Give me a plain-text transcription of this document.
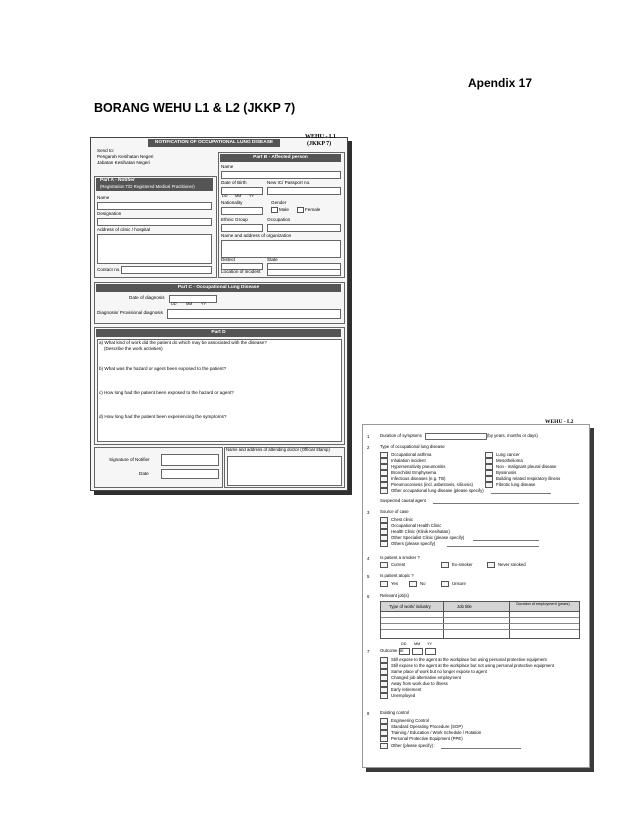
Apendix 17
BORANG WEHU L1 & L2 (JKKP 7)
NOTIFICATION OF OCCUPATIONAL LUNG DISEASE
WEHU - L1
(JKKP 7)
Send to:
Pengarah Kesihatan Negeri
Jabatan Kesihatan Negeri
Part A - Notifier
(Registration T/D Registered Medical Practitioner)
Name
Designation
Address of clinic / hospital
Contact no.
Part B - Affected person
Name
Date of Birth
DD MM YY
New IC/ Passport no.
Nationality	Gender
Male	Female
Ethnic Group	Occupation
Name and address of organization
District	State
Location of incident
Part C - Occupational Lung Disease
Date of diagnosis
DD	MM YY
Diagnosis/ Provisional diagnosis
Part D
a) What kind of work did the patient do which may be associated with the disease?
(Describe the work activities)
b) What was the hazard or agent been exposed to the patient?
c) How long had the patient been exposed to the hazard or agent?
d) How long had the patient been experiencing the symptoms?
Signature of Notifier
Date
Name and address of attending doctor (Official Stamp)
WEHU - L2
1 Duration of symptoms	(by years, months or days)
2 Type of occupational lung disease
Occupational asthma
Inhalation incident
Hypersensitivity pneumonitis
Bronchitis/ Emphysema
Infectious diseases (e.g. TB)
Pneumoconiosis (incl. asbestosis, silicosis)
Lung cancer
Mesothelioma
Non - malignant pleural disease
Byssinosis
Building related respiratory illness
Fibrotic lung disease
Other occupational lung disease (please specify)
Suspected causal agent
3 Source of case
Chest clinic
Occupational Health Clinic
Health Clinic (Klinik Kesihatan)
Other Specialist Clinic (please specify)
Others (please specify)
4 Is patient a smoker ?
Current	Ex-smoker	Never smoked
5 Is patient atopic ?
Yes	No	Unsure
6 Relevant job(s)
Type of work/ industry	Job title	Duration of employment (years)
7 Outcome on
DD MM YY
Still expose to the agent at the workplace but using personal protective equipment
Still expose to the agent at the workplace but not using personal protective equipment
Same place of work but no longer expose to agent
Changed job alternative employment
Away from work due to illness
Early retirement
Unemployed
8 Existing control
Engineering Control
Standard Operating Procedure (SOP)
Training / Education / Work Schedule / Rotation
Personal Protective Equipment (PPE)
Other (please specify) :
